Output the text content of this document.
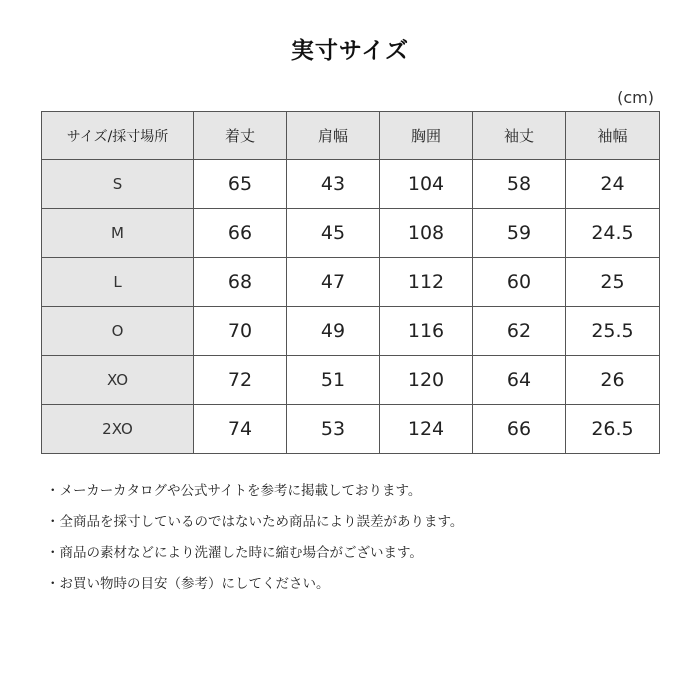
実寸サイズ
(cm)
サイズ/採寸場所	着丈	肩幅	胸囲	袖丈	袖幅
S	65	43	104	58	24
M	66	45	108	59	24.5
L	68	47	112	60	25
O	70	49	116	62	25.5
XO	72	51	120	64	26
2XO	74	53	124	66	26.5
・メーカーカタログや公式サイトを参考に掲載しております。
・全商品を採寸しているのではないため商品により誤差があります。
・商品の素材などにより洗濯した時に縮む場合がございます。
・お買い物時の目安（参考）にしてください。
